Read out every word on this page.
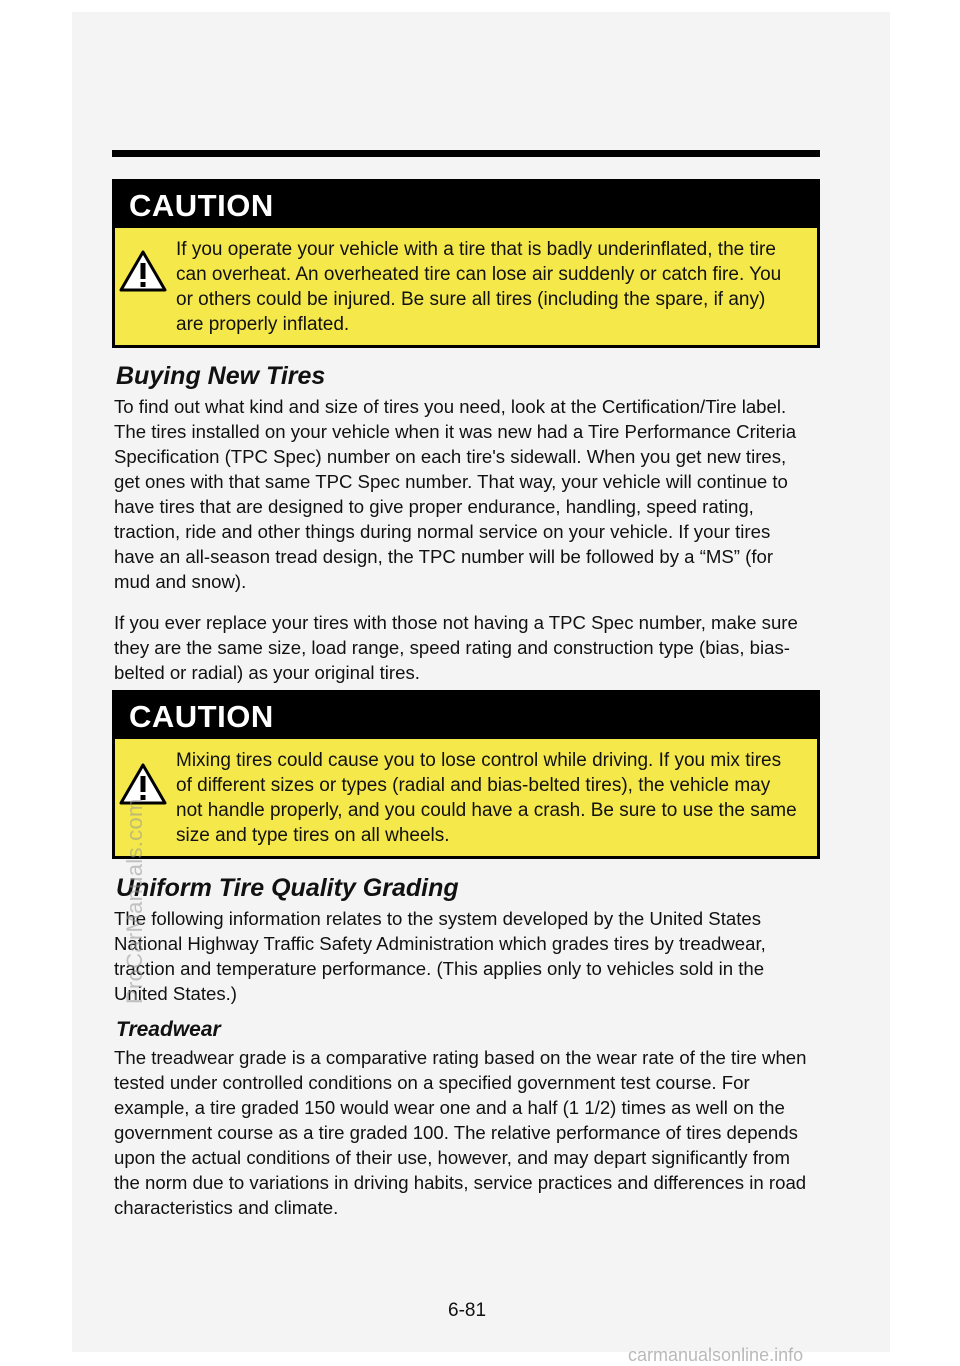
CAUTION

If you operate your vehicle with a tire that is badly underinflated, the tire can overheat. An overheated tire can lose air suddenly or catch fire. You or others could be injured. Be sure all tires (including the spare, if any) are properly inflated.

Buying New Tires

To find out what kind and size of tires you need, look at the Certification/Tire label. The tires installed on your vehicle when it was new had a Tire Performance Criteria Specification (TPC Spec) number on each tire's sidewall. When you get new tires, get ones with that same TPC Spec number. That way, your vehicle will continue to have tires that are designed to give proper endurance, handling, speed rating, traction, ride and other things during normal service on your vehicle. If your tires have an all-season tread design, the TPC number will be followed by a “MS” (for mud and snow).

If you ever replace your tires with those not having a TPC Spec number, make sure they are the same size, load range, speed rating and construction type (bias, bias-belted or radial) as your original tires.

CAUTION

Mixing tires could cause you to lose control while driving. If you mix tires of different sizes or types (radial and bias-belted tires), the vehicle may not handle properly, and you could have a crash. Be sure to use the same size and type tires on all wheels.

Uniform Tire Quality Grading

The following information relates to the system developed by the United States National Highway Traffic Safety Administration which grades tires by treadwear, traction and temperature performance. (This applies only to vehicles sold in the United States.)

Treadwear

The treadwear grade is a comparative rating based on the wear rate of the tire when tested under controlled conditions on a specified government test course. For example, a tire graded 150 would wear one and a half (1 1/2) times as well on the government course as a tire graded 100. The relative performance of tires depends upon the actual conditions of their use, however, and may depart significantly from the norm due to variations in driving habits, service practices and differences in road characteristics and climate.

6-81

ProCarManuals.com

carmanualsonline.info
